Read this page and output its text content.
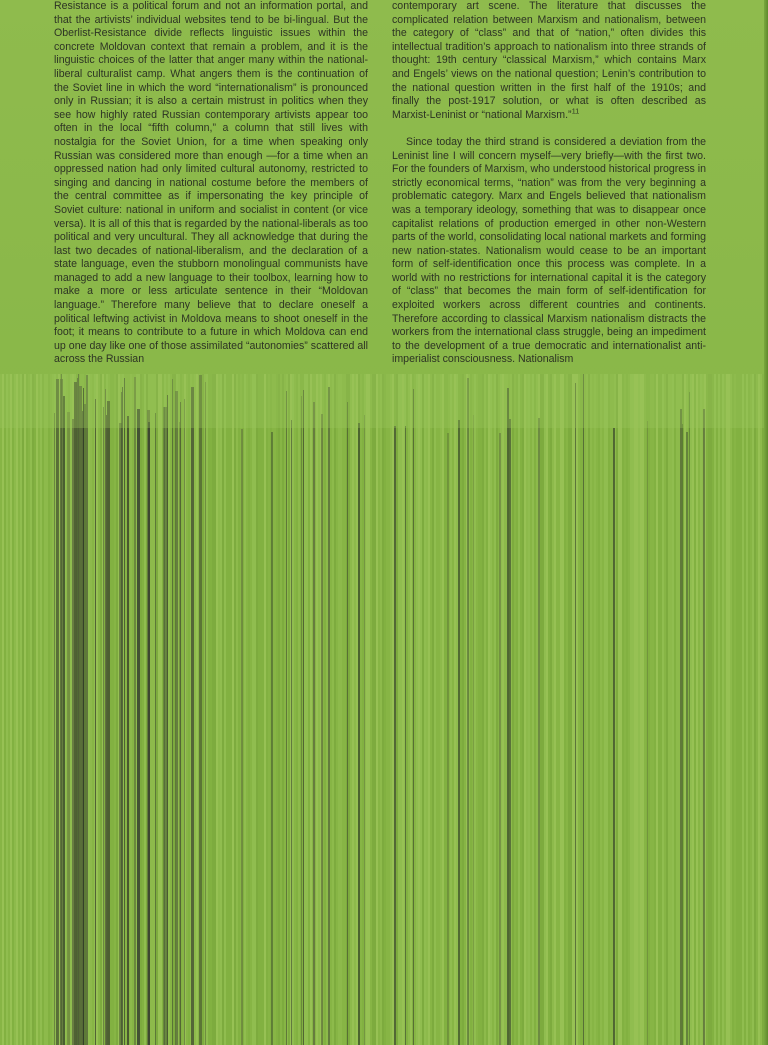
Resistance is a political forum and not an information portal, and that the artivists’ individual websites tend to be bi-lingual. But the Oberlist-Resistance divide reflects linguistic issues within the concrete Moldovan context that remain a problem, and it is the linguistic choices of the latter that anger many within the national-liberal culturalist camp. What angers them is the continuation of the Soviet line in which the word “internationalism” is pronounced only in Russian; it is also a certain mistrust in politics when they see how highly rated Russian contemporary artivists appear too often in the local “fifth column,” a column that still lives with nostalgia for the Soviet Union, for a time when speaking only Russian was considered more than enough —for a time when an oppressed nation had only limited cultural autonomy, restricted to singing and dancing in national costume before the members of the central committee as if impersonating the key principle of Soviet culture: national in uniform and socialist in content (or vice versa). It is all of this that is regarded by the national-liberals as too political and very uncultural. They all acknowledge that during the last two decades of national-liberalism, and the declaration of a state language, even the stubborn monolingual communists have managed to add a new language to their toolbox, learning how to make a more or less articulate sentence in their “Moldovan language.” Therefore many believe that to declare oneself a political leftwing activist in Moldova means to shoot oneself in the foot; it means to contribute to a future in which Moldova can end up one day like one of those assimilated “autonomies” scattered all across the Russian

contemporary art scene. The literature that discusses the complicated relation between Marxism and nationalism, between the category of “class” and that of “nation,” often divides this intellectual tradition’s approach to nationalism into three strands of thought: 19th century “classical Marxism,” which contains Marx and Engels’ views on the national question; Lenin’s contribution to the national question written in the first half of the 1910s; and finally the post-1917 solution, or what is often described as Marxist-Leninist or “national Marxism.”$^{11}$

Since today the third strand is considered a deviation from the Leninist line I will concern myself—very briefly—with the first two. For the founders of Marxism, who understood historical progress in strictly economical terms, “nation” was from the very beginning a problematic category. Marx and Engels believed that nationalism was a temporary ideology, something that was to disappear once capitalist relations of production emerged in other non-Western parts of the world, consolidating local national markets and forming new nation-states. Nationalism would cease to be an important form of self-identification once this process was complete. In a world with no restrictions for international capital it is the category of “class” that becomes the main form of self-identification for exploited workers across different countries and continents. Therefore according to classical Marxism nationalism distracts the workers from the international class struggle, being an impediment to the development of a true democratic and internationalist anti-imperialist consciousness. Nationalism
